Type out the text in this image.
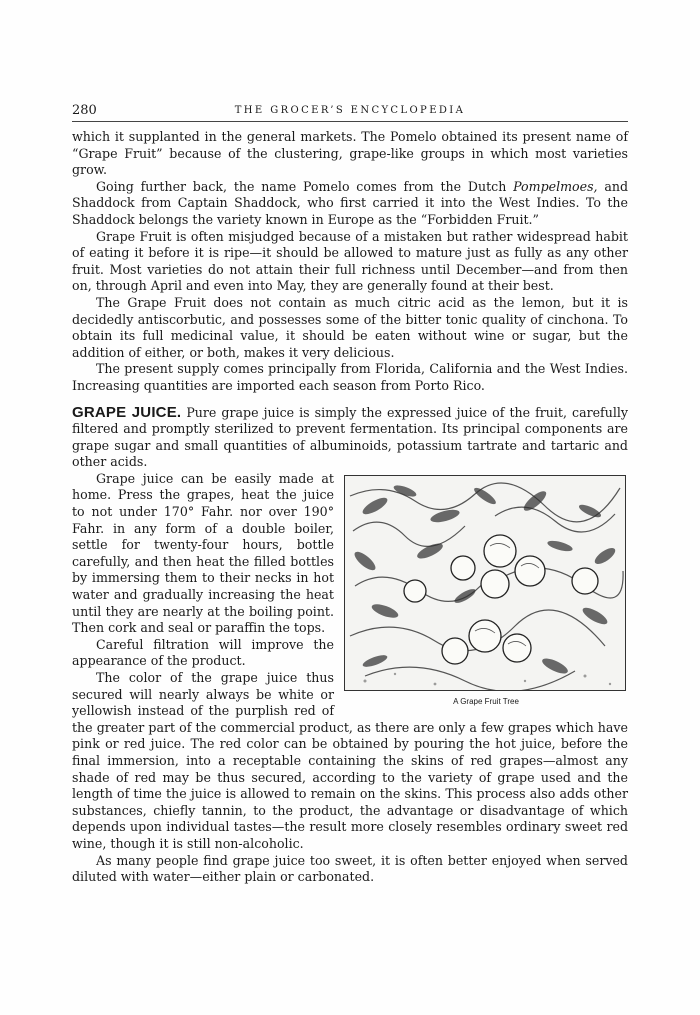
280	THE GROCER’S ENCYCLOPEDIA

which it supplanted in the general markets. The Pomelo obtained its present name of “Grape Fruit” because of the clustering, grape-like groups in which most varieties grow.

Going further back, the name Pomelo comes from the Dutch Pompelmoes, and Shaddock from Captain Shaddock, who first carried it into the West Indies. To the Shaddock belongs the variety known in Europe as the “Forbidden Fruit.”

Grape Fruit is often misjudged because of a mistaken but rather widespread habit of eating it before it is ripe—it should be allowed to mature just as fully as any other fruit. Most varieties do not attain their full richness until December—and from then on, through April and even into May, they are generally found at their best.

The Grape Fruit does not contain as much citric acid as the lemon, but it is decidedly antiscorbutic, and possesses some of the bitter tonic quality of cinchona. To obtain its full medicinal value, it should be eaten without wine or sugar, but the addition of either, or both, makes it very delicious.

The present supply comes principally from Florida, California and the West Indies. Increasing quantities are imported each season from Porto Rico.

GRAPE JUICE. Pure grape juice is simply the expressed juice of the fruit, carefully filtered and promptly sterilized to prevent fermentation. Its principal components are grape sugar and small quantities of albuminoids, potassium tartrate and tartaric and other acids.

A Grape Fruit Tree

Grape juice can be easily made at home. Press the grapes, heat the juice to not under 170° Fahr. nor over 190° Fahr. in any form of a double boiler, settle for twenty-four hours, bottle carefully, and then heat the filled bottles by immersing them to their necks in hot water and gradually increasing the heat until they are nearly at the boiling point. Then cork and seal or paraffin the tops.

Careful filtration will improve the appearance of the product.

The color of the grape juice thus secured will nearly always be white or yellowish instead of the purplish red of the greater part of the commercial product, as there are only a few grapes which have pink or red juice. The red color can be obtained by pouring the hot juice, before the final immersion, into a receptable containing the skins of red grapes—almost any shade of red may be thus secured, according to the variety of grape used and the length of time the juice is allowed to remain on the skins. This process also adds other substances, chiefly tannin, to the product, the advantage or disadvantage of which depends upon individual tastes—the result more closely resembles ordinary sweet red wine, though it is still non-alcoholic.

As many people find grape juice too sweet, it is often better enjoyed when served diluted with water—either plain or carbonated.
